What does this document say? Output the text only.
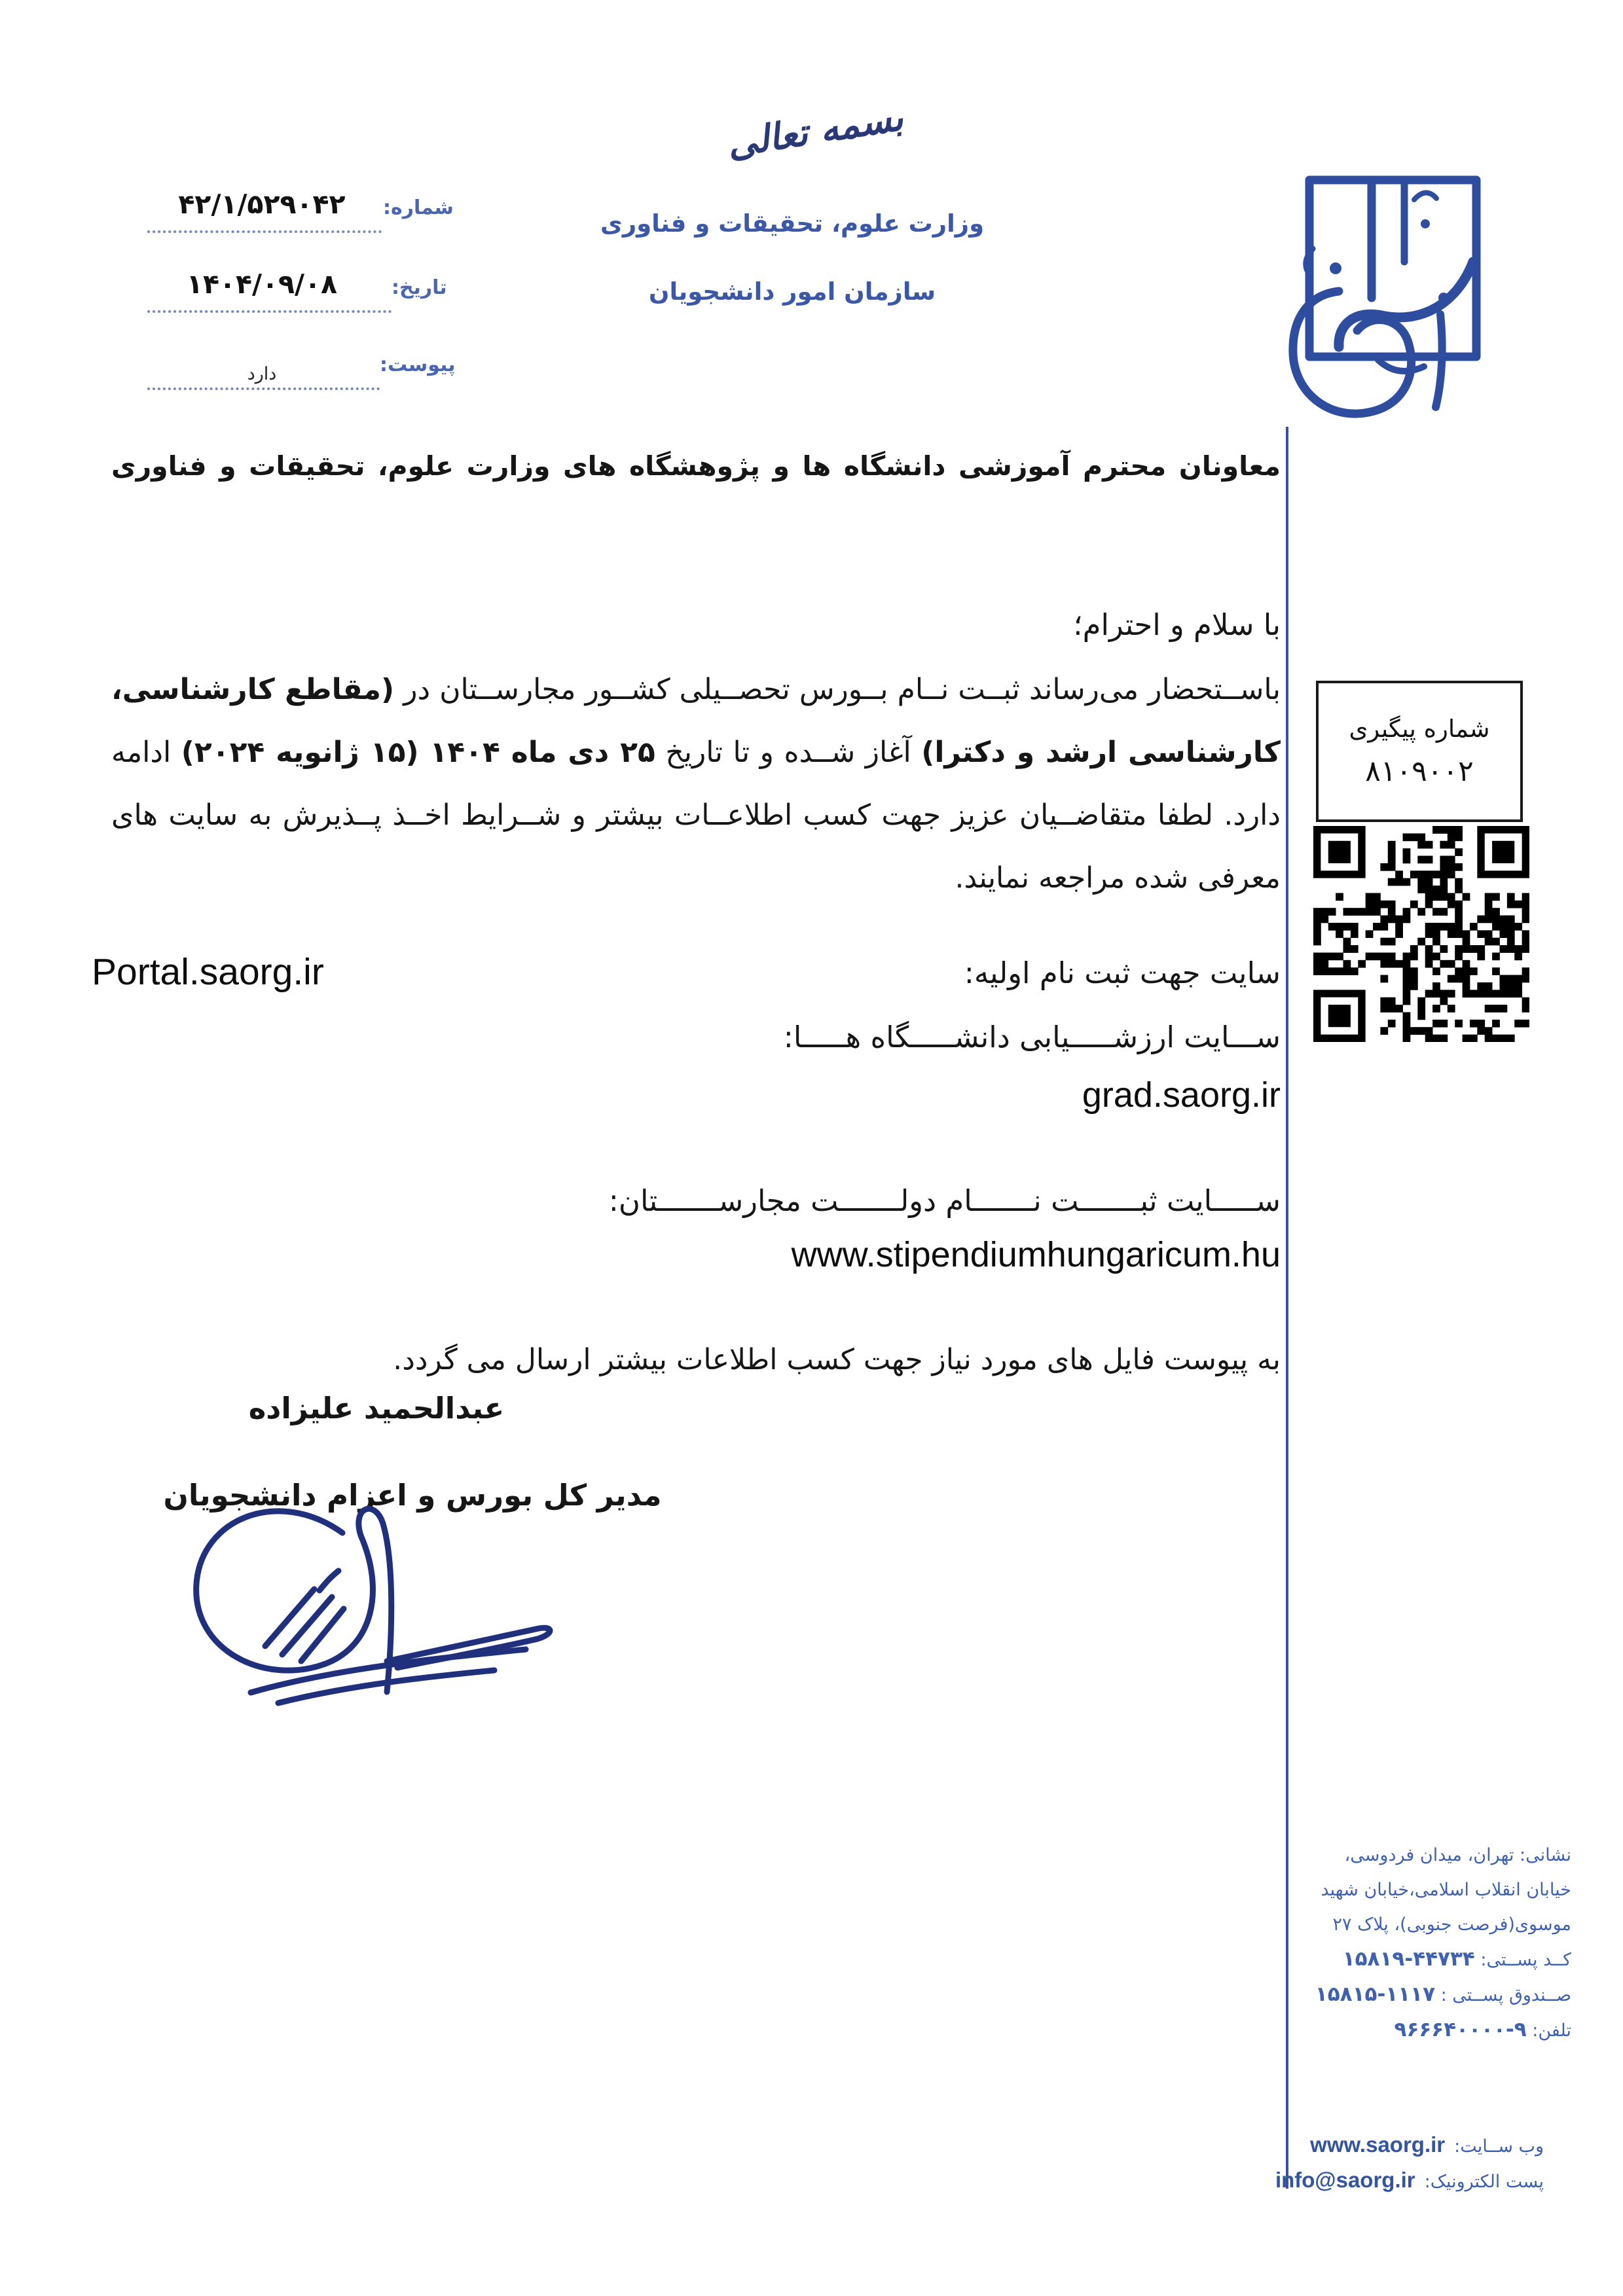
بسمه تعالی
وزارت علوم، تحقیقات و فناوری
سازمان امور دانشجویان
شماره:
۴۲/۱/۵۲۹۰۴۲
تاریخ:
۱۴۰۴/۰۹/۰۸
پیوست:
دارد
معاونان محترم آموزشی دانشگاه ها و پژوهشگاه های وزارت علوم، تحقیقات و فناوری
با سلام و احترام؛
باســتحضار می‌رساند ثبــت نــام بــورس تحصــیلی کشــور مجارســتان در (مقاطع کارشناسی،
کارشناسی ارشد و دکترا) آغاز شــده و تا تاریخ ۲۵ دی ماه ۱۴۰۴ (۱۵ ژانویه ۲۰۲۴) ادامه
دارد. لطفا متقاضــیان عزیز جهت کسب اطلاعــات بیشتر و شــرایط اخــذ پــذیرش به سایت های
معرفی شده مراجعه نمایند.
سایت جهت ثبت نام اولیه:
Portal.saorg.ir
ســـایت ارزشـــــیابی دانشـــــگاه هـــــا:
grad.saorg.ir
ســـــایت ثبـــــــت نـــــــام دولـــــــت مجارســـــــتان:
www.stipendiumhungaricum.hu
به پیوست فایل های مورد نیاز جهت کسب اطلاعات بیشتر ارسال می گردد.
عبدالحمید علیزاده
مدیر کل بورس و اعزام دانشجویان
شماره پیگیری
۸۱۰۹۰۰۲
نشانی: تهران، میدان فردوسی،
خیابان انقلاب اسلامی،خیابان شهید
موسوی(فرصت جنوبی)، پلاک ۲۷
کــد پســتی: ۴۴۷۳۴-۱۵۸۱۹
صــندوق پســتی : ۱۱۱۷-۱۵۸۱۵
تلفن: ۹-۹۶۶۶۴۰۰۰۰
وب ســایت:
www.saorg.ir
پست الکترونیک:
info@saorg.ir
